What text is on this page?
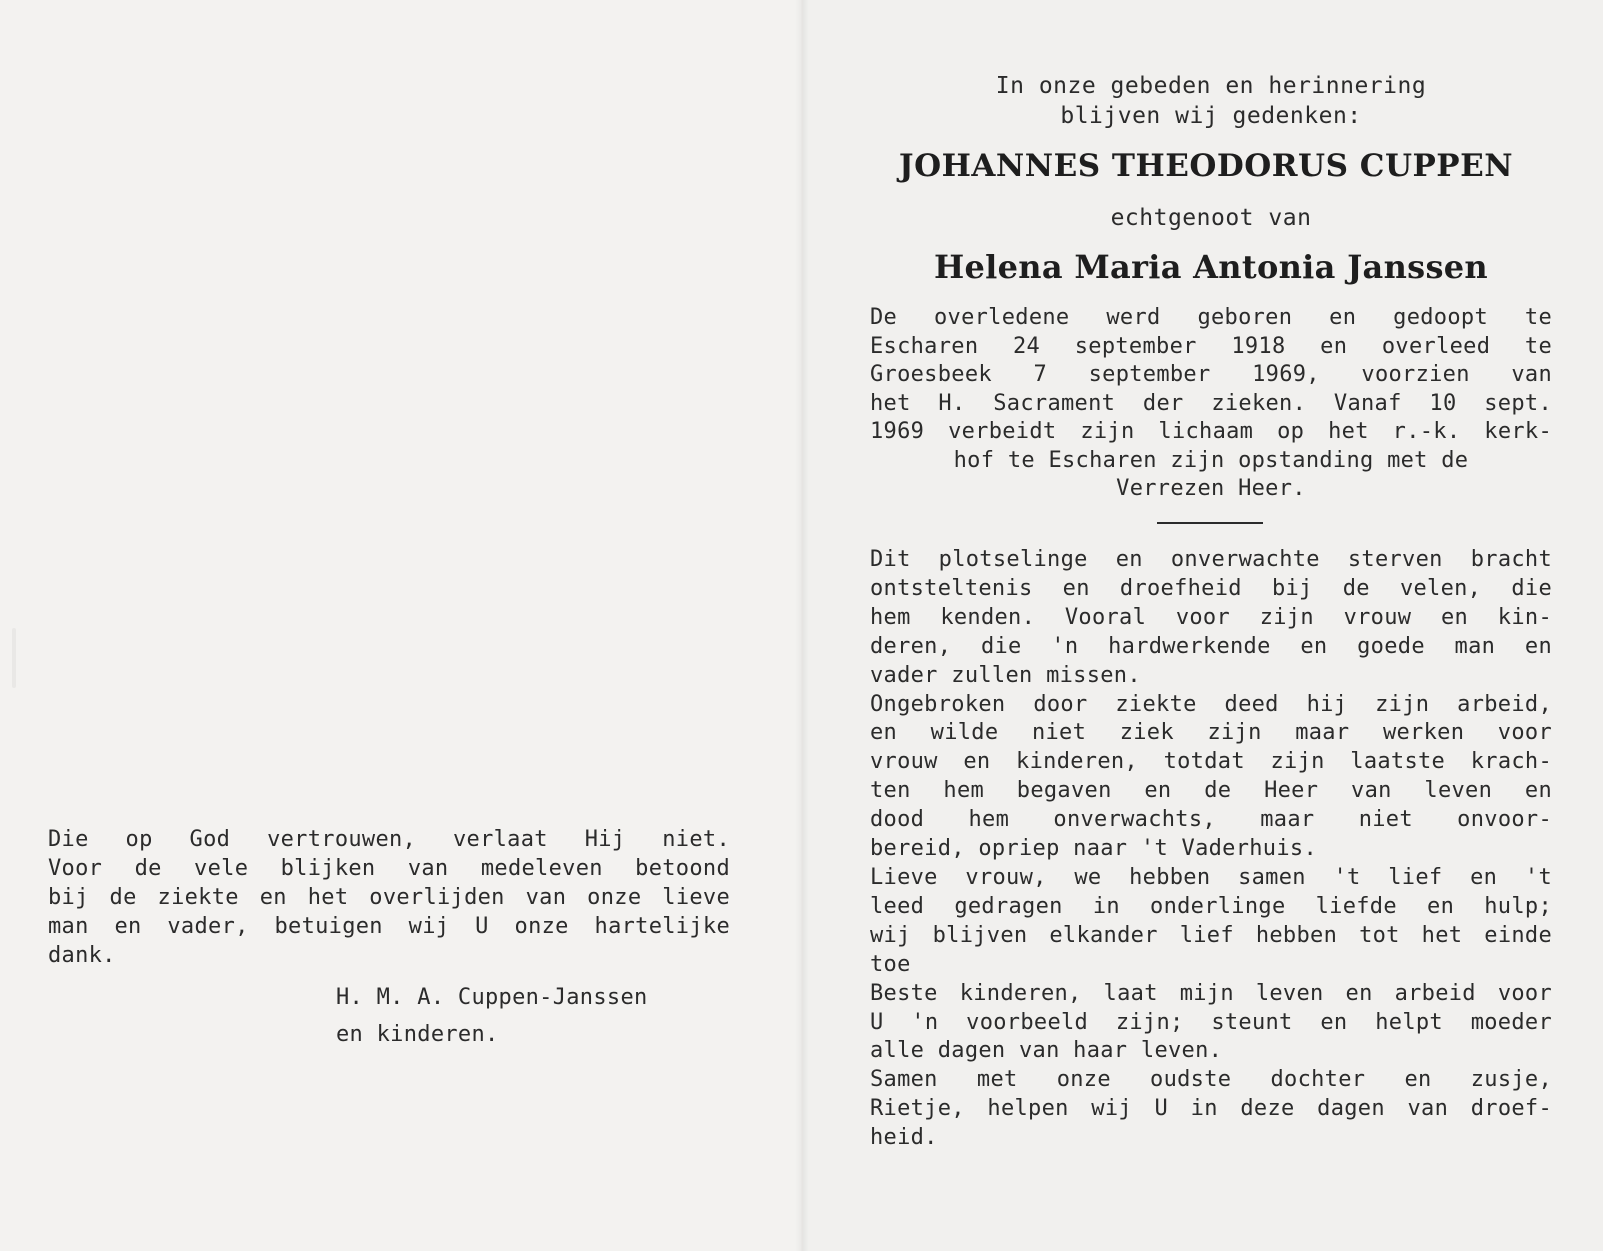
Die op God vertrouwen, verlaat Hij niet.
Voor de vele blijken van medeleven betoond
bij de ziekte en het overlijden van onze lieve
man en vader, betuigen wij U onze hartelijke
dank.
H. M. A. Cuppen-Janssen
en kinderen.
In onze gebeden en herinnering
blijven wij gedenken:
JOHANNES THEODORUS CUPPEN
echtgenoot van
Helena Maria Antonia Janssen
De overledene werd geboren en gedoopt te
Escharen 24 september 1918 en overleed te
Groesbeek 7 september 1969, voorzien van
het H. Sacrament der zieken. Vanaf 10 sept.
1969 verbeidt zijn lichaam op het r.-k. kerk-
hof te Escharen zijn opstanding met de
Verrezen Heer.
Dit plotselinge en onverwachte sterven bracht
ontsteltenis en droefheid bij de velen, die
hem kenden. Vooral voor zijn vrouw en kin-
deren, die 'n hardwerkende en goede man en
vader zullen missen.
Ongebroken door ziekte deed hij zijn arbeid,
en wilde niet ziek zijn maar werken voor
vrouw en kinderen, totdat zijn laatste krach-
ten hem begaven en de Heer van leven en
dood hem onverwachts, maar niet onvoor-
bereid, opriep naar 't Vaderhuis.
Lieve vrouw, we hebben samen 't lief en 't
leed gedragen in onderlinge liefde en hulp;
wij blijven elkander lief hebben tot het einde
toe
Beste kinderen, laat mijn leven en arbeid voor
U 'n voorbeeld zijn; steunt en helpt moeder
alle dagen van haar leven.
Samen met onze oudste dochter en zusje,
Rietje, helpen wij U in deze dagen van droef-
heid.
